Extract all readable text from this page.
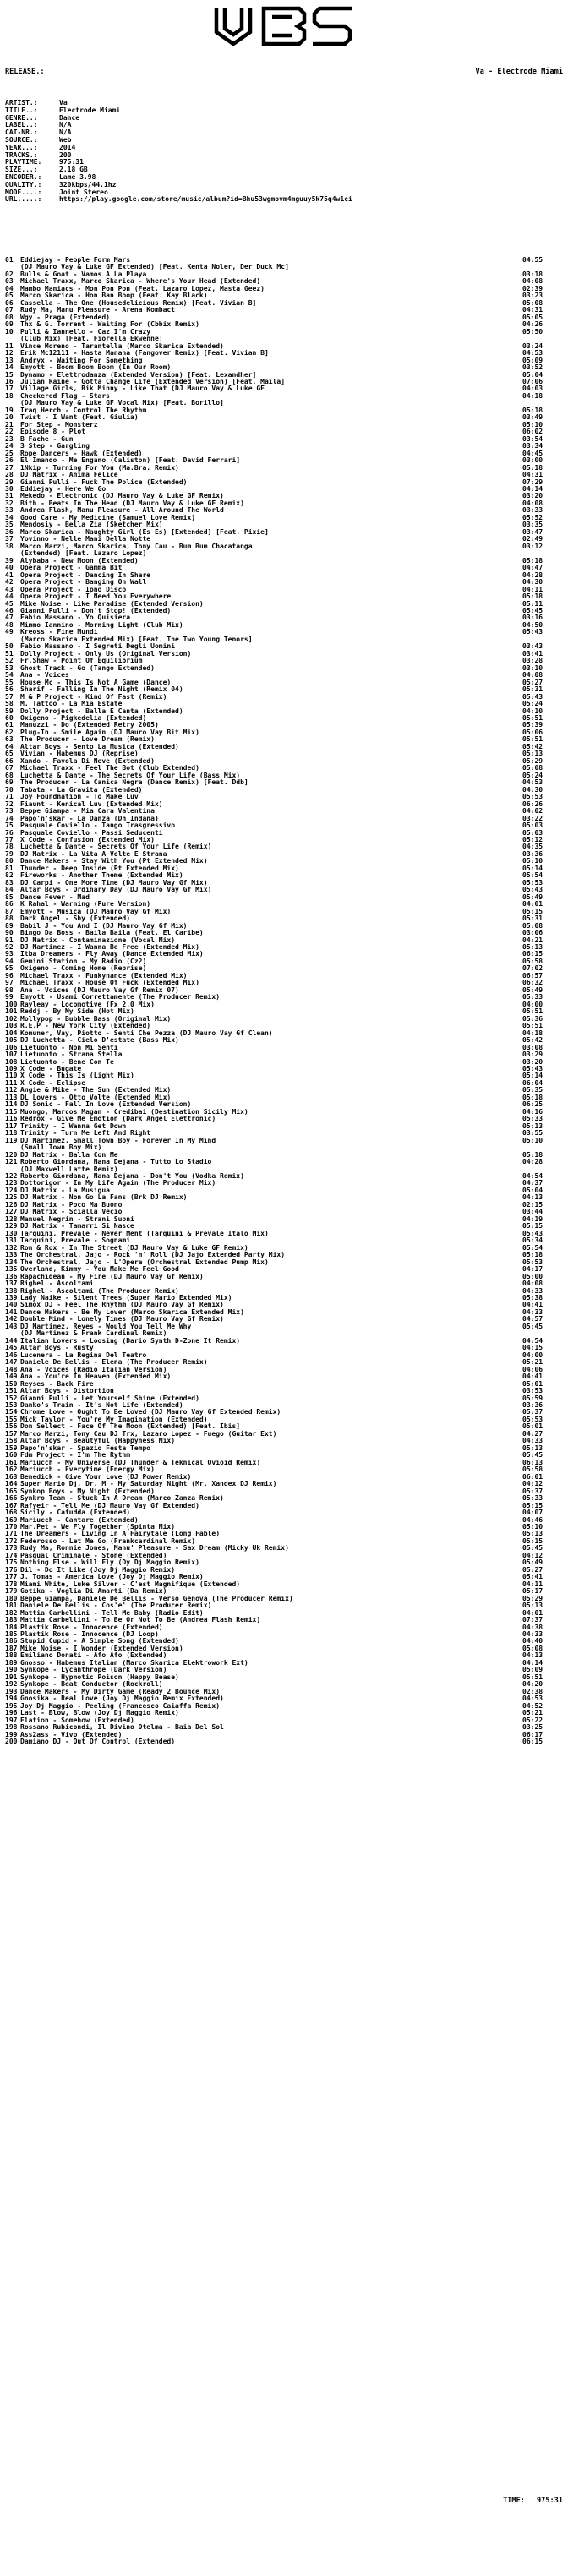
RELEASE.:

	Va - Electrode Miami

ARTIST.:	Va
TITLE..:	Electrode Miami
GENRE..:	Dance
LABEL..:	N/A
CAT-NR.:	N/A
SOURCE.:	Web
YEAR...:	2014
TRACKS.:	200
PLAYTIME:	975:31
SIZE...:	2.18 GB
ENCODER.:	Lame 3.98
QUALITY.:	320kbps/44.1hz
MODE....:	Joint Stereo
URL.....:	https://play.google.com/store/music/album?id=Bhu53wgmovm4mguuy5k75q4w1ci
01	Eddiejay - People Form Mars	04:55
(DJ Mauro Vay & Luke GF Extended) [Feat. Kenta Noler, Der Duck Mc]
02	Bulls & Goat - Vamos A La Playa	03:18
03	Michael Traxx, Marco Skarica - Where's Your Head (Extended)	04:08
04	Mambo Maniacs - Mon Pon Pon (Feat. Lazaro Lopez, Masta Geez)	02:39
05	Marco Skarica - Hon Ban Boop (Feat. Kay Black)	03:23
06	Cassella - The One (Housedelicious Remix) [Feat. Vivian B]	05:08
07	Rudy Ma, Manu Pleasure - Arena Kombact	04:31
08	Wgy - Praga (Extended)	05:05
09	Thx & G. Torrent - Waiting For (Cbbix Remix)	04:26
10	Pulli & Iannello - Caz I'm Crazy	05:50
(Club Mix) [Feat. Fiorella Ekwenne]
11	Vince Moreno - Tarantella (Marco Skarica Extended)	03:24
12	Erik Mc12111 - Hasta Manana (Fangover Remix) [Feat. Vivian B]	04:53
13	Andryx - Waiting For Something	05:09
14	Emyott - Boom Boom Boom (In Our Room)	03:52
15	Dynamo - Elettrodanza (Extended Version) [Feat. Lexandher]	05:04
16	Julian Raine - Gotta Change Life (Extended Version) [Feat. Maila]	07:06
17	Village Girls, Rik Minny - Like That (DJ Mauro Vay & Luke GF	04:03
18	Checkered Flag - Stars	04:18
(DJ Mauro Vay & Luke GF Vocal Mix) [Feat. Borillo]
19	Iraq Herch - Control The Rhythm	05:18
20	Twist - I Want (Feat. Giulia)	03:49
21	For Step - Monsterz	05:10
22	Episode 8 - Plot	06:02
23	B Fache - Gun	03:54
24	3 Step - Gargling	03:34
25	Rope Dancers - Hawk (Extended)	04:45
26	El Imando - Me Engano (Caliston) [Feat. David Ferrari]	03:00
27	1Nkip - Turning For You (Ma.Bra. Remix)	05:18
28	DJ Matrix - Anima Felice	04:31
29	Gianni Pulli - Fuck The Police (Extended)	07:29
30	Eddiejay - Here We Go	04:14
31	Mekedo - Electronic (DJ Mauro Vay & Luke GF Remix)	03:20
32	Bith - Beats In The Head (DJ Mauro Vay & Luke GF Remix)	04:08
33	Andrea Flash, Manu Pleasure - All Around The World	03:33
34	Good Care - My Medicine (Samuel Love Remix)	05:52
35	Mendosiy - Bella Zia (Sketcher Mix)	03:35
36	Marco Skarica - Naughty Girl (Es Es) [Extended] [Feat. Pixie]	03:47
37	Yovinno - Nelle Mani Della Notte	02:49
38	Marco Marzi, Marco Skarica, Tony Cau - Bum Bum Chacatanga	03:12
(Extended) [Feat. Lazaro Lopez]
39	Alybaba - New Moon (Extended)	05:18
40	Opera Project - Gamma Bit	04:47
41	Opera Project - Dancing In Share	04:28
42	Opera Project - Banging On Wall	04:30
43	Opera Project - Ipno Disco	04:11
44	Opera Project - I Need You Everywhere	05:18
45	Mike Noise - Like Paradise (Extended Version)	05:11
46	Gianni Pulli - Don't Stop! (Extended)	05:45
47	Fabio Massano - Yo Quisiera	03:16
48	Mimmo Iannino - Morning Light (Club Mix)	04:50
49	Kreoss - Fine Mundi	05:43
(Marco Skarica Extended Mix) [Feat. The Two Young Tenors]
50	Fabio Massano - I Segreti Degli Uomini	03:43
51	Dolly Project - Only Us (Original Version)	03:41
52	Fr.Shaw - Point Of Equilibrium	03:28
53	Ghost Track - Go (Tango Extended)	03:10
54	Ana - Voices	04:08
55	House Mc - This Is Not A Game (Dance)	05:27
56	Sharif - Falling In The Night (Remix 04)	05:31
57	M & P Project - Kind Of Fast (Remix)	05:43
58	M. Tattoo - La Mia Estate	05:24
59	Dolly Project - Balla E Canta (Extended)	04:10
60	Oxigeno - Pigkedelia (Extended)	05:51
61	Manuzzi - Do (Extended Retry 2005)	05:39
62	Plug-In - Smile Again (DJ Mauro Vay Bit Mix)	05:06
63	The Producer - Love Dream (Remix)	05:51
64	Altar Boys - Sento La Musica (Extended)	05:42
65	Vivian - Habemus DJ (Reprise)	05:13
66	Xando - Favola Di Neve (Extended)	05:29
67	Michael Traxx - Feel The Bot (Club Extended)	05:08
68	Luchetta & Dante - The Secrets Of Your Life (Bass Mix)	05:24
69	The Producer - La Canica Negra (Dance Remix) [Feat. Ddb]	04:53
70	Tabata - La Gravita (Extended)	04:30
71	Joy Foundnation - To Make Luv	05:53
72	Fiaunt - Kenical Luv (Extended Mix)	06:26
73	Beppe Giampa - Mia Cara Valentina	04:02
74	Papo'n'skar - La Danza (Dh Indana)	03:22
75	Pasquale Coviello - Tango Trasgressivo	05:03
76	Pasquale Coviello - Passi Seducenti	05:03
77	X Code - Confusion (Extended Mix)	05:12
78	Luchetta & Dante - Secrets Of Your Life (Remix)	04:35
79	DJ Matrix - La Vita A Volte E Strana	03:36
80	Dance Makers - Stay With You (Pt Extended Mix)	05:10
81	Thunder - Deep Inside (Pt Extended Mix)	05:14
82	Fireworks - Another Theme (Extended Mix)	05:54
83	DJ Carpi - One More Time (DJ Mauro Vay Gf Mix)	05:53
84	Altar Boys - Ordinary Day (DJ Mauro Vay Gf Mix)	05:43
85	Dance Fever - Mad	05:49
86	K Rahal - Warning (Pure Version)	04:01
87	Emyott - Musica (DJ Mauro Vay Gf Mix)	05:15
88	Dark Angel - Shy (Extended)	05:31
89	Babil J - You And I (DJ Mauro Vay Gf Mix)	05:08
90	Bingo Da Boss - Baila Baila (Feat. El Caribe)	03:06
91	DJ Matrix - Contaminazione (Vocal Mix)	04:21
92	DJ Martinez - I Wanna Be Free (Extended Mix)	05:13
93	Itba Dreamers - Fly Away (Dance Extended Mix)	06:15
94	Gemini Station - My Radio (Cz2)	05:58
95	Oxigeno - Coming Home (Reprise)	07:02
96	Michael Traxx - Funkynance (Extended Mix)	06:57
97	Michael Traxx - House Of Fuck (Extended Mix)	06:32
98	Ana - Voices (DJ Mauro Vay Gf Remix 07)	05:49
99	Emyott - Usami Correttamente (The Producer Remix)	05:33
100 Rayleay - Locomotive (Fx 2.0 Mix)	04:00
101 Reddj - By My Side (Hot Mix)	05:51
102 Mollypop - Bubble Bass (Original Mix)	05:36
103 R.E.P - New York City (Extended)	05:51
104 Komuner, Vay, Piotto - Senti Che Pezza (DJ Mauro Vay Gf Clean)	04:18
105 DJ Luchetta - Cielo D'estate (Bass Mix)	05:42
106 Lietuonto - Non Mi Senti	03:08
107 Lietuonto - Strana Stella	03:29
108 Lietuonto - Bene Con Te	03:20
109 X Code - Bugate	05:43
110 X Code - This Is (Light Mix)	05:14
111 X Code - Eclipse	06:04
112 Angie & Mike - The Sun (Extended Mix)	05:35
113 DL Lovers - Otto Volte (Extended Mix)	05:18
114 DJ Sonic - Fall In Love (Extended Version)	06:25
115 Muongo, Marcos Magan - Credibai (Destination Sicily Mix)	04:16
116 Redrox - Give Me Emotion (Dark Angel Elettronic)	05:33
117 Trinity - I Wanna Get Down	05:13
118 Trinity - Turn Me Left And Right	03:55
119 DJ Martinez, Small Town Boy - Forever In My Mind	05:10
(Small Town Boy Mix)
120 DJ Matrix - Balla Con Me	05:18
121 Roberto Giordana, Nana Dejana - Tutto Lo Stadio	04:28
(DJ Maxwell Latte Remix)
122 Roberto Giordana, Nana Dejana - Don't You (Vodka Remix)	04:54
123 Dottorigor - In My Life Again (The Producer Mix)	04:37
124 DJ Matrix - La Musigua	05:04
125 DJ Matrix - Non Go La Fans (Brk DJ Remix)	04:13
126 DJ Matrix - Poco Ma Buono	02:15
127 DJ Matrix - Scialla Vecio	03:44
128 Manuel Negrin - Strani Suoni	04:19
129 DJ Matrix - Tamarri Si Nasce	05:15
130 Tarquini, Prevale - Never Ment (Tarquini & Prevale Italo Mix)	05:43
131 Tarquini, Prevale - Sognami	05:34
132 Ron & Rox - In The Street (DJ Mauro Vay & Luke GF Remix)	05:54
133 The Orchestral, Jajo - Rock 'n' Roll (DJ Jajo Extended Party Mix)	05:18
134 The Orchestral, Jajo - L'Opera (Orchestral Extended Pump Mix)	05:53
135 Overland, Kimmy - You Make Me Feel Good	04:17
136 Rapachidean - My Fire (DJ Mauro Vay Gf Remix)	05:00
137 Righel - Ascoltami	04:08
138 Righel - Ascoltami (The Producer Remix)	04:33
139 Lady Naike - Silent Trees (Super Mario Extended Mix)	05:38
140 Simox DJ - Feel The Rhythm (DJ Mauro Vay Gf Remix)	04:41
141 Dance Makers - Be My Lover (Marco Skarica Extended Mix)	04:33
142 Double Mind - Lonely Times (DJ Mauro Vay Gf Remix)	04:57
143 DJ Martinez, Reyes - Would You Tell Me Why	05:45
(DJ Martinez & Frank Cardinal Remix)
144 Italian Lovers - Loosing (Dario Synth D-Zone It Remix)	04:54
145 Altar Boys - Rusty	04:15
146 Lucenera - La Regina Del Teatro	04:00
147 Daniele De Bellis - Elena (The Producer Remix)	05:21
148 Ana - Voices (Radio Italian Version)	04:06
149 Ana - You're In Heaven (Extended Mix)	04:41
150 Reyses - Back Fire	05:01
151 Altar Boys - Distortion	03:53
152 Gianni Pulli - Let Yourself Shine (Extended)	05:59
153 Danko's Train - It's Not Life (Extended)	03:36
154 Chrome Love - Ought To Be Loved (DJ Mauro Vay Gf Extended Remix)	05:37
155 Mick Taylor - You're My Imagination (Extended)	05:53
156 Don Sellect - Face Of The Moon (Extended) [Feat. Ibis]	05:01
157 Marco Marzi, Tony Cau DJ Trx, Lazaro Lopez - Fuego (Guitar Ext)	04:27
158 Altar Boys - Beautyful (Happyness Mix)	04:33
159 Papo'n'skar - Spazio Festa Tempo	05:13
160 Fdm Project - I'm The Rythm	05:45
161 Mariucch - My Universe (DJ Thunder & Teknical Ovioid Remix)	06:13
162 Mariucch - Everytime (Energy Mix)	05:58
163 Benedick - Give Your Love (DJ Power Remix)	06:01
164 Super Mario Dj, Dr. M - My Saturday Night (Mr. Xandex DJ Remix)	04:12
165 Synkop Boys - My Night (Extended)	05:37
166 Synkro Team - Stuck In A Dream (Marco Zanza Remix)	05:33
167 Rafyeir - Tell Me (DJ Mauro Vay Gf Extended)	05:15
168 Sicily - Cafudda (Extended)	04:07
169 Mariucch - Cantare (Extended)	04:46
170 Mar.Pet - We Fly Together (Spinta Mix)	05:10
171 The Dreamers - Living In A Fairytale (Long Fable)	05:13
172 Federosso - Let Me Go (Frankcardinal Remix)	05:15
173 Rudy Ma, Ronnie Jones, Manu' Pleasure - Sax Dream (Micky Uk Remix)	05:45
174 Pasqual Criminale - Stone (Extended)	04:12
175 Nothing Else - Will Fly (Dy Dj Maggio Remix)	05:49
176 Dil - Do It Like (Joy Dj Maggio Remix)	05:27
177 J. Tomas - America Love (Joy Dj Maggio Remix)	05:41
178 Miami White, Luke Silver - C'est Magnifique (Extended)	04:11
179 Gotika - Voglia Di Amarti (Da Remix)	05:17
180 Beppe Giampa, Daniele De Bellis - Verso Genova (The Producer Remix)	05:29
181 Daniele De Bellis - Cos'e' (The Producer Remix)	05:13
182 Mattia Carbellini - Tell Me Baby (Radio Edit)	04:01
183 Mattia Carbellini - To Be Or Not To Be (Andrea Flash Remix)	07:37
184 Plastik Rose - Innocence (Extended)	04:38
185 Plastik Rose - Innocence (DJ Loop)	04:33
186 Stupid Cupid - A Simple Song (Extended)	04:40
187 Mike Noise - I Wonder (Extended Version)	05:08
188 Emiliano Donati - Afo Afo (Extended)	04:13
189 Gnosso - Habemus Italian (Marco Skarica Elektrowork Ext)	04:14
190 Synkope - Lycanthrope (Dark Version)	05:09
191 Synkope - Hypnotic Poison (Happy Bease)	05:51
192 Synkope - Beat Conductor (Rockroll)	04:20
193 Dance Makers - My Dirty Game (Ready 2 Bounce Mix)	02:38
194 Gnosika - Real Love (Joy Dj Maggio Remix Extended)	04:53
195 Joy Dj Maggio - Peeling (Francesco Caiaffa Remix)	04:52
196 Last - Blow, Blow (Joy Dj Maggio Remix)	05:21
197 Elation - Somehow (Extended)	05:22
198 Rossano Rubicondi, Il Divino Otelma - Baia Del Sol	03:25
199 Ass2ass - Vivo (Extended)	06:17
200 Damiano DJ - Out Of Control (Extended)	06:15

TIME: 975:31
